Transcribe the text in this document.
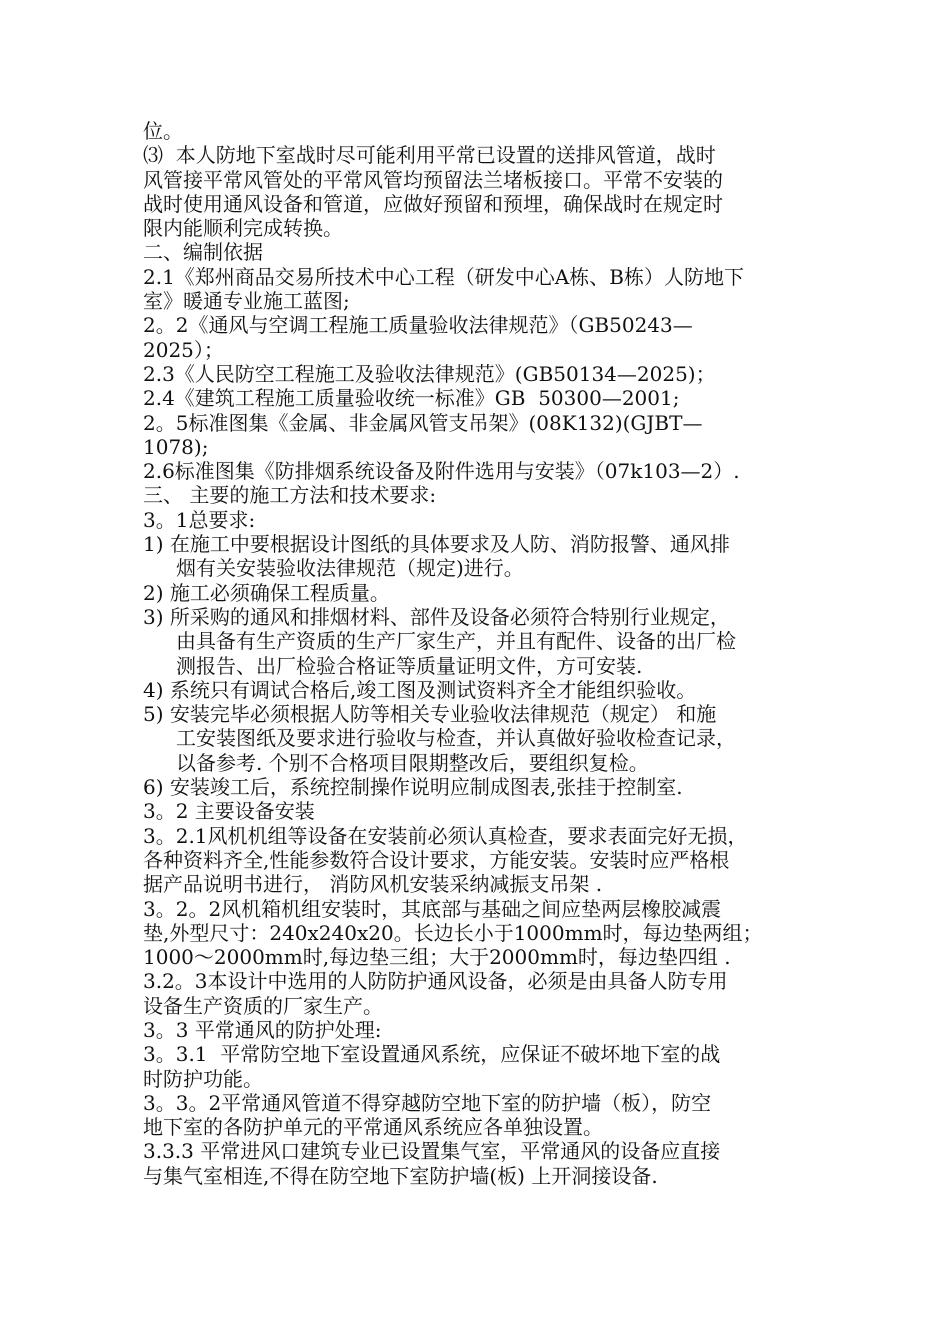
位。
⑶  本人防地下室战时尽可能利用平常已设置的送排风管道，战时
风管接平常风管处的平常风管均预留法兰堵板接口。平常不安装的
战时使用通风设备和管道，应做好预留和预埋，确保战时在规定时
限内能顺利完成转换。
二、编制依据
2.1《郑州商品交易所技术中心工程（研发中心A栋、B栋）人防地下
室》暖通专业施工蓝图;
2。2《通风与空调工程施工质量验收法律规范》（GB50243—
2025）；
2.3《人民防空工程施工及验收法律规范》(GB50134—2025)；
2.4《建筑工程施工质量验收统一标准》GB  50300—2001;
2。5标准图集《金属、非金属风管支吊架》(08K132)(GJBT—
1078);
2.6标准图集《防排烟系统设备及附件选用与安装》（07k103—2）.
三、 主要的施工方法和技术要求:
3。1总要求:
1) 在施工中要根据设计图纸的具体要求及人防、消防报警、通风排
烟有关安装验收法律规范（规定)进行。
2) 施工必须确保工程质量。
3) 所采购的通风和排烟材料、部件及设备必须符合特别行业规定，
由具备有生产资质的生产厂家生产，并且有配件、设备的出厂检
测报告、出厂检验合格证等质量证明文件，方可安装.
4) 系统只有调试合格后,竣工图及测试资料齐全才能组织验收。
5) 安装完毕必须根据人防等相关专业验收法律规范（规定） 和施
工安装图纸及要求进行验收与检查，并认真做好验收检查记录，
以备参考. 个别不合格项目限期整改后，要组织复检。
6) 安装竣工后，系统控制操作说明应制成图表,张挂于控制室.
3。2 主要设备安装
3。2.1风机机组等设备在安装前必须认真检查，要求表面完好无损，
各种资料齐全,性能参数符合设计要求，方能安装。安装时应严格根
据产品说明书进行， 消防风机安装采纳减振支吊架 .
3。2。2风机箱机组安装时，其底部与基础之间应垫两层橡胶减震
垫,外型尺寸：240x240x20。长边长小于1000mm时，每边垫两组；
1000～2000mm时,每边垫三组；大于2000mm时，每边垫四组 .
3.2。3本设计中选用的人防防护通风设备，必须是由具备人防专用
设备生产资质的厂家生产。
3。3 平常通风的防护处理:
3。3.1  平常防空地下室设置通风系统，应保证不破坏地下室的战
时防护功能。
3。3。2平常通风管道不得穿越防空地下室的防护墙（板），防空
地下室的各防护单元的平常通风系统应各单独设置。
3.3.3 平常进风口建筑专业已设置集气室，平常通风的设备应直接
与集气室相连,不得在防空地下室防护墙(板) 上开洞接设备.
